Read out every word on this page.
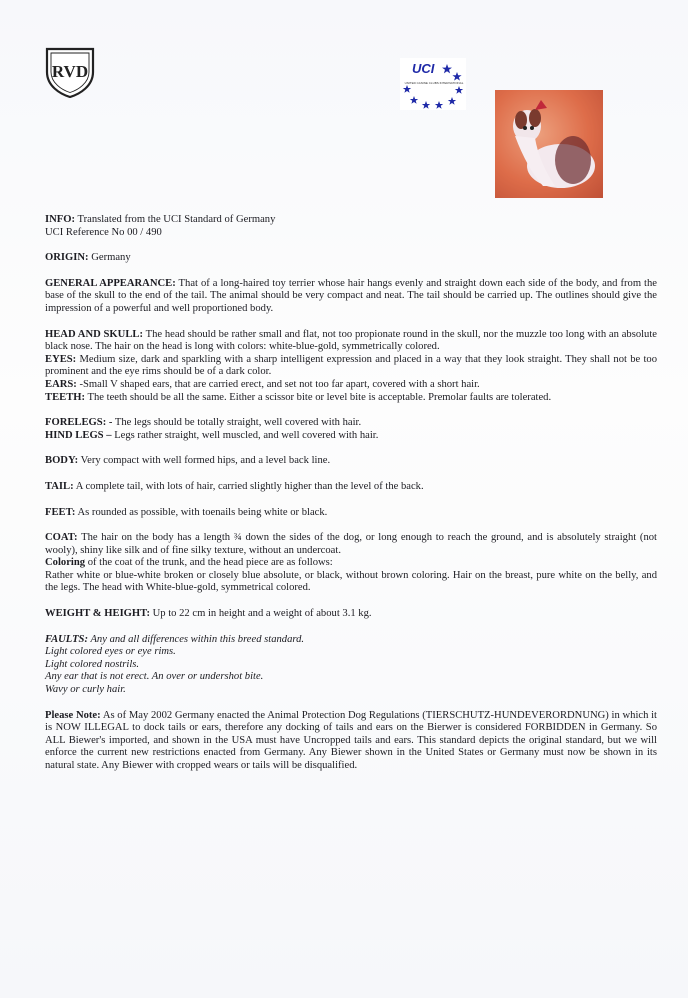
RVD	UCI
UNITED CANINE CLUBS INTERNATIONAL

INFO: Translated from the UCI Standard of Germany
UCI Reference No 00 / 490

ORIGIN: Germany

GENERAL APPEARANCE: That of a long-haired toy terrier whose hair hangs evenly and straight down each side of the body, and from the base of the skull to the end of the tail. The animal should be very compact and neat. The tail should be carried up. The outlines should give the impression of a powerful and well proportioned body.

HEAD AND SKULL: The head should be rather small and flat, not too propionate round in the skull, nor the muzzle too long with an absolute black nose. The hair on the head is long with colors: white-blue-gold, symmetrically colored.

EYES: Medium size, dark and sparkling with a sharp intelligent expression and placed in a way that they look straight. They shall not be too prominent and the eye rims should be of a dark color.

EARS: -Small V shaped ears, that are carried erect, and set not too far apart, covered with a short hair.

TEETH: The teeth should be all the same. Either a scissor bite or level bite is acceptable. Premolar faults are tolerated.

FORELEGS: - The legs should be totally straight, well covered with hair.

HIND LEGS – Legs rather straight, well muscled, and well covered with hair.

BODY: Very compact with well formed hips, and a level back line.

TAIL: A complete tail, with lots of hair, carried slightly higher than the level of the back.

FEET: As rounded as possible, with toenails being white or black.

COAT: The hair on the body has a length ¾ down the sides of the dog, or long enough to reach the ground, and is absolutely straight (not wooly), shiny like silk and of fine silky texture, without an undercoat.
Coloring of the coat of the trunk, and the head piece are as follows:
Rather white or blue-white broken or closely blue absolute, or black, without brown coloring. Hair on the breast, pure white on the belly, and the legs. The head with White-blue-gold, symmetrical colored.

WEIGHT & HEIGHT: Up to 22 cm in height and a weight of about 3.1 kg.

FAULTS: Any and all differences within this breed standard.
Light colored eyes or eye rims.
Light colored nostrils.
Any ear that is not erect. An over or undershot bite.
Wavy or curly hair.

Please Note: As of May 2002 Germany enacted the Animal Protection Dog Regulations (TIERSCHUTZ-HUNDEVERORDNUNG) in which it is NOW ILLEGAL to dock tails or ears, therefore any docking of tails and ears on the Bierwer is considered FORBIDDEN in Germany. So ALL Biewer's imported, and shown in the USA must have Uncropped tails and ears. This standard depicts the original standard, but we will enforce the current new restrictions enacted from Germany. Any Biewer shown in the United States or Germany must now be shown in its natural state. Any Biewer with cropped wears or tails will be disqualified.
